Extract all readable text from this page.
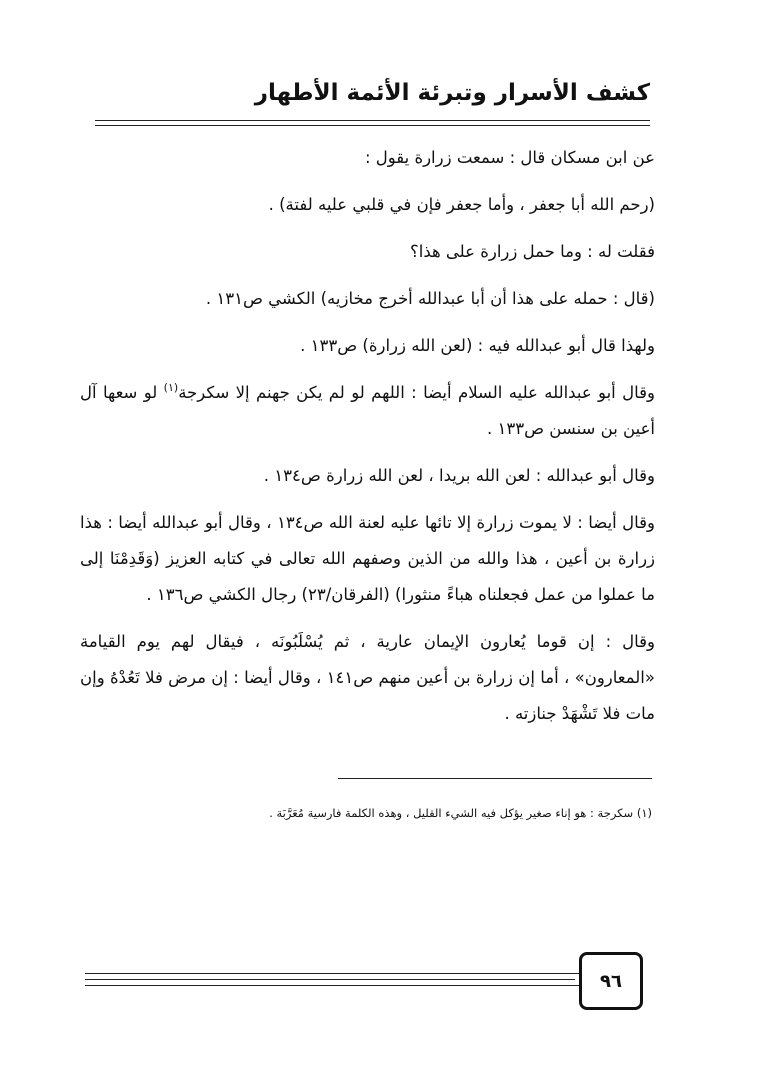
كشف الأسرار وتبرئة الأئمة الأطهار

عن ابن مسكان قال : سمعت زرارة يقول :

(رحم الله أبا جعفر ، وأما جعفر فإن في قلبي عليه لفتة) .

فقلت له : وما حمل زرارة على هذا؟

(قال : حمله على هذا أن أبا عبدالله أخرج مخازيه) الكشي ص١٣١ .

ولهذا قال أبو عبدالله فيه : (لعن الله زرارة) ص١٣٣ .

وقال أبو عبدالله عليه السلام أيضا : اللهم لو لم يكن جهنم إلا سكرجة$^{(١)}$ لو سعها آل أعين بن سنسن ص١٣٣ .

وقال أبو عبدالله : لعن الله بريدا ، لعن الله زرارة ص١٣٤ .

وقال أيضا : لا يموت زرارة إلا تائها عليه لعنة الله ص١٣٤ ، وقال أبو عبدالله أيضا : هذا زرارة بن أعين ، هذا والله من الذين وصفهم الله تعالى في كتابه العزيز (وَقَدِمْنَا إلى ما عملوا من عمل فجعلناه هباءً منثورا) (الفرقان/٢٣) رجال الكشي ص١٣٦ .

وقال : إن قوما يُعارون الإيمان عارية ، ثم يُسْلَبُونَه ، فيقال لهم يوم القيامة «المعارون» ، أما إن زرارة بن أعين منهم ص١٤١ ، وقال أيضا : إن مرض فلا تَعُدْهُ وإن مات فلا تَشْهَدْ جنازته .

(١) سكرجة : هو إناء صغير يؤكل فيه الشيء القليل ، وهذه الكلمة فارسية مُعَرَّبَة .
٩٦
